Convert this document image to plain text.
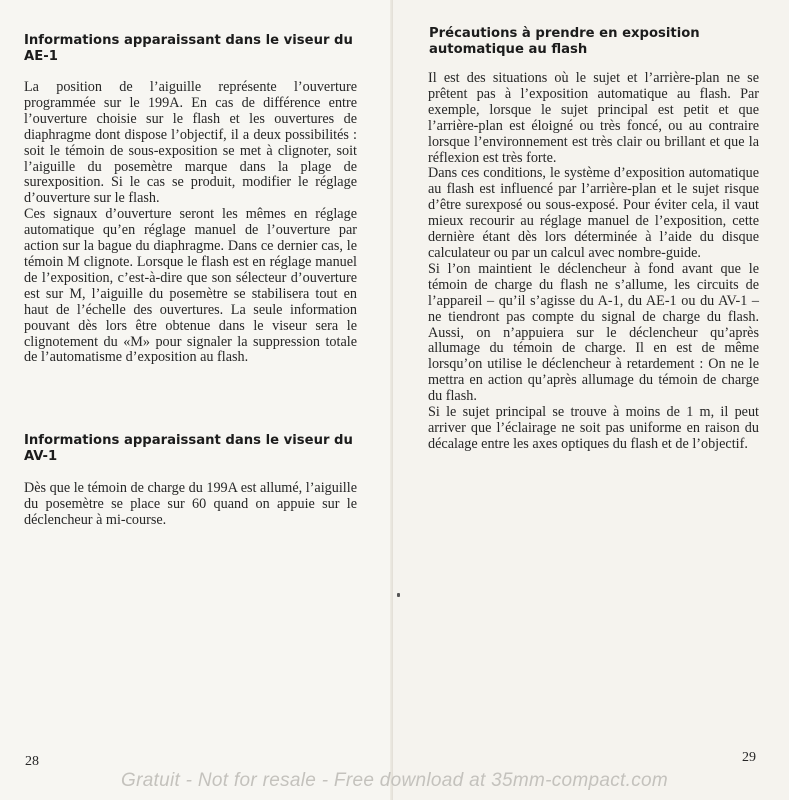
Informations apparaissant dans le viseur du AE-1

La position de l’aiguille représente l’ouverture programmée sur le 199A. En cas de différence entre l’ouverture choisie sur le flash et les ouvertures de diaphragme dont dispose l’objectif, il a deux possibilités : soit le témoin de sous-exposition se met à clignoter, soit l’aiguille du posemètre marque dans la plage de surexposition. Si le cas se produit, modifier le réglage d’ouverture sur le flash.

Ces signaux d’ouverture seront les mêmes en réglage automatique qu’en réglage manuel de l’ouverture par action sur la bague du diaphragme. Dans ce dernier cas, le témoin M clignote. Lorsque le flash est en réglage manuel de l’exposition, c’est-à-dire que son sélecteur d’ouverture est sur M, l’aiguille du posemètre se stabilisera tout en haut de l’échelle des ouvertures. La seule information pouvant dès lors être obtenue dans le viseur sera le clignotement du «M» pour signaler la suppression totale de l’automatisme d’exposition au flash.

Informations apparaissant dans le viseur du AV-1

Dès que le témoin de charge du 199A est allumé, l’aiguille du posemètre se place sur 60 quand on appuie sur le déclencheur à mi-course.

28
Précautions à prendre en exposition automatique au flash

Il est des situations où le sujet et l’arrière-plan ne se prêtent pas à l’exposition automatique au flash. Par exemple, lorsque le sujet principal est petit et que l’arrière-plan est éloigné ou très foncé, ou au contraire lorsque l’environnement est très clair ou brillant et que la réflexion est très forte.

Dans ces conditions, le système d’exposition automatique au flash est influencé par l’arrière-plan et le sujet risque d’être surexposé ou sous-exposé. Pour éviter cela, il vaut mieux recourir au réglage manuel de l’exposition, cette dernière étant dès lors déterminée à l’aide du disque calculateur ou par un calcul avec nombre-guide.

Si l’on maintient le déclencheur à fond avant que le témoin de charge du flash ne s’allume, les circuits de l’appareil – qu’il s’agisse du A-1, du AE-1 ou du AV-1 – ne tiendront pas compte du signal de charge du flash. Aussi, on n’appuiera sur le déclencheur qu’après allumage du témoin de charge. Il en est de même lorsqu’on utilise le déclencheur à retardement : On ne le mettra en action qu’après allumage du témoin de charge du flash.

Si le sujet principal se trouve à moins de 1 m, il peut arriver que l’éclairage ne soit pas uniforme en raison du décalage entre les axes optiques du flash et de l’objectif.

29
Gratuit - Not for resale - Free download at 35mm-compact.com
